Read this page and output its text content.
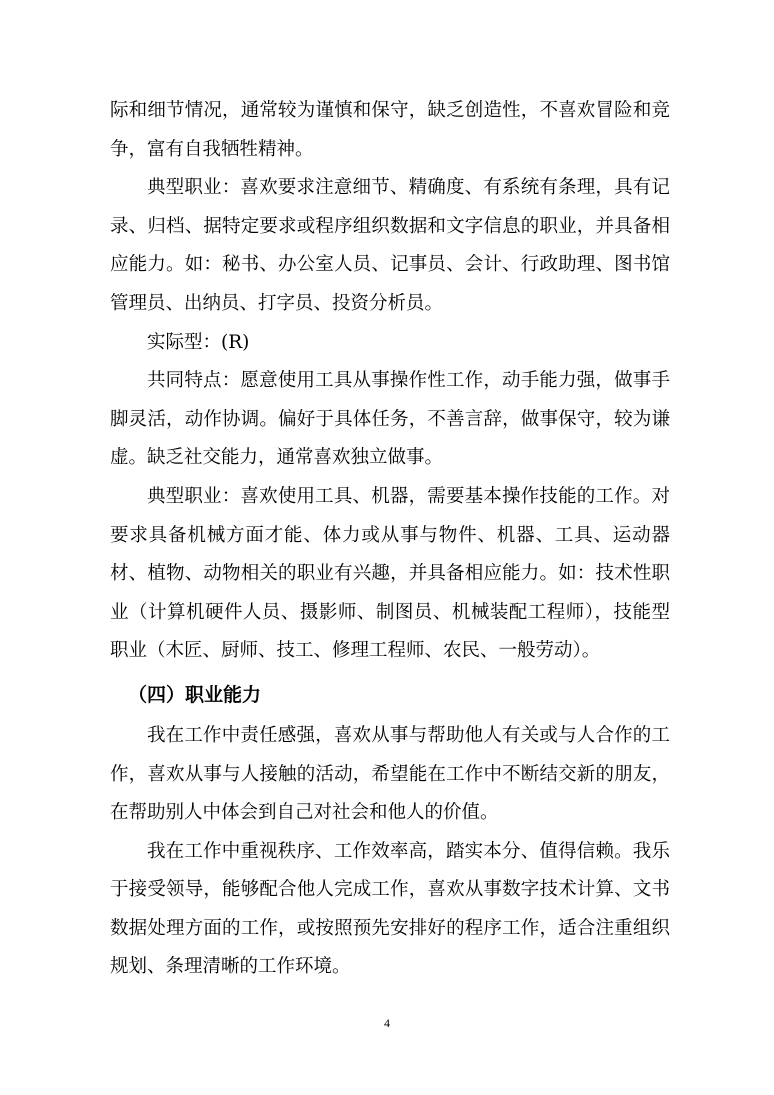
际和细节情况，通常较为谨慎和保守，缺乏创造性，不喜欢冒险和竞争，富有自我牺牲精神。

典型职业：喜欢要求注意细节、精确度、有系统有条理，具有记录、归档、据特定要求或程序组织数据和文字信息的职业，并具备相应能力。如：秘书、办公室人员、记事员、会计、行政助理、图书馆管理员、出纳员、打字员、投资分析员。

实际型：(R)

共同特点：愿意使用工具从事操作性工作，动手能力强，做事手脚灵活，动作协调。偏好于具体任务，不善言辞，做事保守，较为谦虚。缺乏社交能力，通常喜欢独立做事。

典型职业：喜欢使用工具、机器，需要基本操作技能的工作。对要求具备机械方面才能、体力或从事与物件、机器、工具、运动器材、植物、动物相关的职业有兴趣，并具备相应能力。如：技术性职业（计算机硬件人员、摄影师、制图员、机械装配工程师），技能型职业（木匠、厨师、技工、修理工程师、农民、一般劳动）。

（四）职业能力

我在工作中责任感强，喜欢从事与帮助他人有关或与人合作的工作，喜欢从事与人接触的活动，希望能在工作中不断结交新的朋友，在帮助别人中体会到自己对社会和他人的价值。

我在工作中重视秩序、工作效率高，踏实本分、值得信赖。我乐于接受领导，能够配合他人完成工作，喜欢从事数字技术计算、文书数据处理方面的工作，或按照预先安排好的程序工作，适合注重组织规划、条理清晰的工作环境。

4
